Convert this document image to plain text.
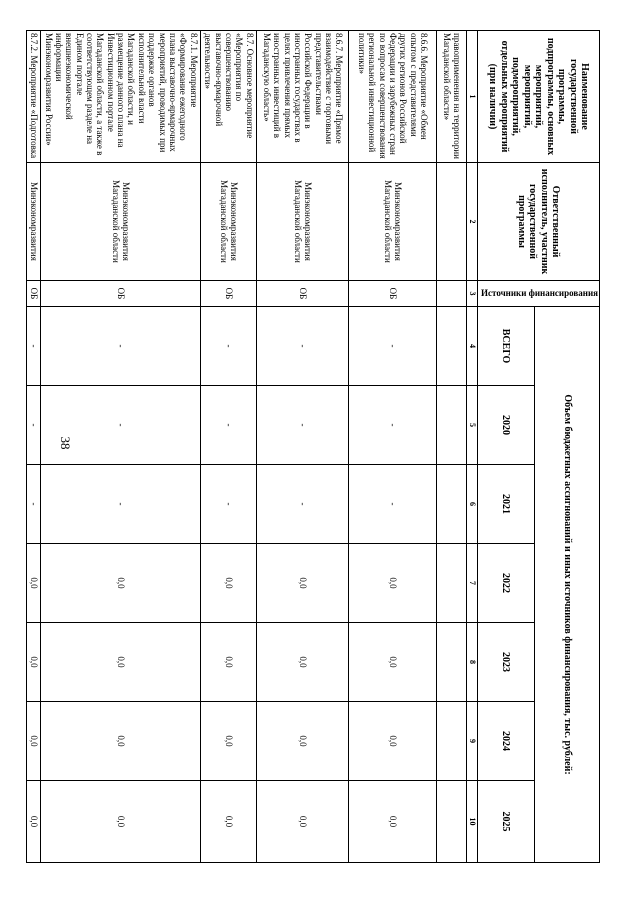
38
Наименование государственной программы, подпрограммы, основных мероприятий, мероприятий, подмероприятий, отдельных мероприятий (при наличии)	Ответственный исполнитель, участник государственной программы	Источники финансирования	Объем бюджетных ассигнований и иных источников финансирования, тыс. рублей:						
			ВСЕГО	2020	2021	2022	2023	2024	2025
1	2	3	4	5	6	7	8	9	10
правоприменения на территории Магаданской области»									
8.6.6. Мероприятие «Обмен опытом с представителями других регионов Российской Федерации и зарубежных стран по вопросам совершенствования региональной инвестиционной политики»	Минэкономразвития Магаданской области	ОБ	-	-	-	0,0	0,0	0,0	0,0
8.6.7. Мероприятие «Прямое взаимодействие с торговыми представительствами Российской Федерации в иностранных государствах в целях привлечения прямых иностранных инвестиций в Магаданскую область»	Минэкономразвития Магаданской области	ОБ	-	-	-	0,0	0,0	0,0	0,0
8.7. Основное мероприятие «Мероприятия по совершенствованию выставочно-ярмарочной деятельности»	Минэкономразвития Магаданской области	ОБ	-	-	-	0,0	0,0	0,0	0,0
8.7.1. Мероприятие «Формирование ежегодного плана выставочно-ярмарочных мероприятий, проводимых при поддержке органов исполнительной власти Магаданской области, и размещение данного плана на Инвестиционном портале Магаданской области, а также в соответствующем разделе на Едином портале внешнеэкономической информации Минэкономразвития России»	Минэкономразвития Магаданской области	ОБ	-	-	-	0,0	0,0	0,0	0,0
8.7.2. Мероприятие «Подготовка	Минэкономразвития	ОБ	-	-	-	0,0	0,0	0,0	0,0
